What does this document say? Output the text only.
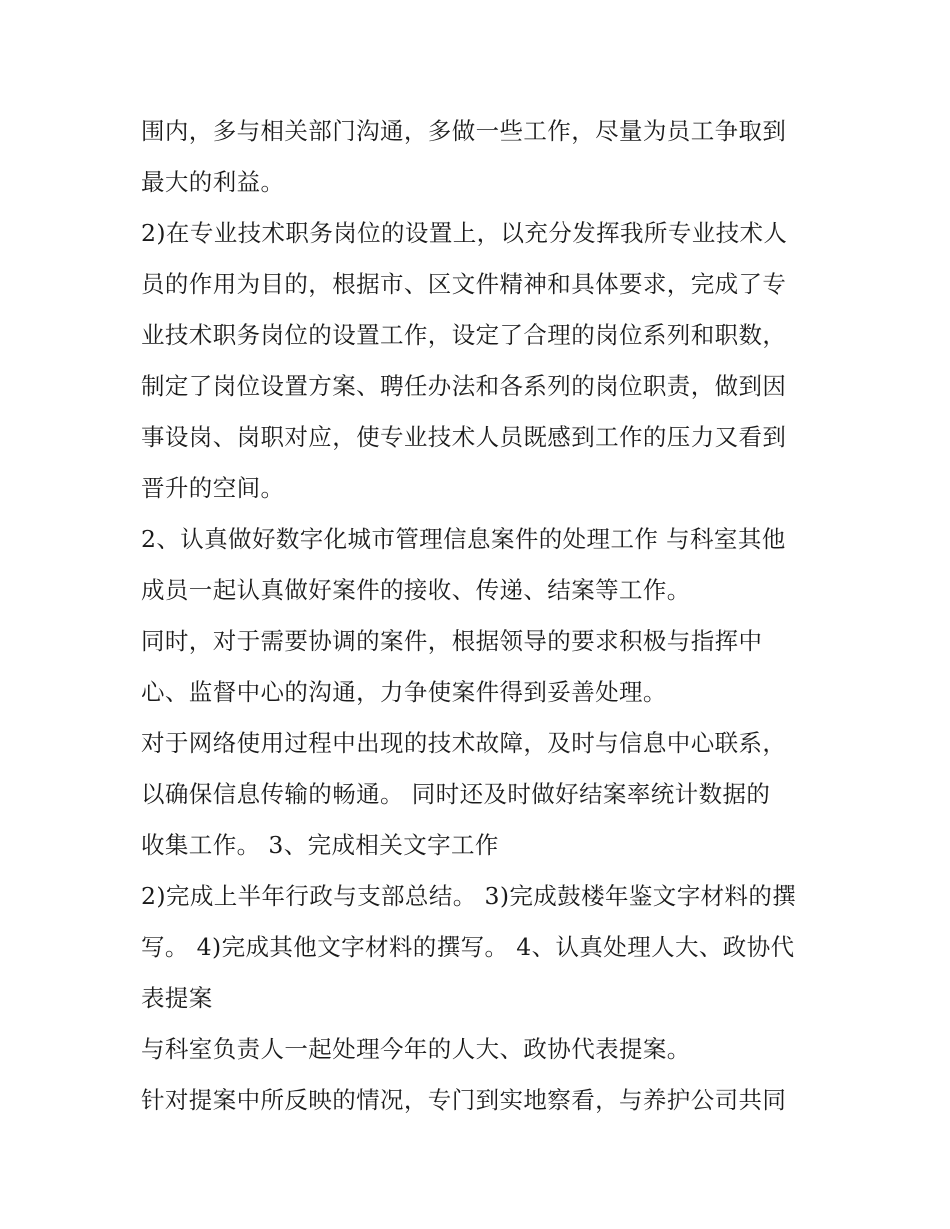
围内，多与相关部门沟通，多做一些工作，尽量为员工争取到
最大的利益。
2)在专业技术职务岗位的设置上，以充分发挥我所专业技术人
员的作用为目的，根据市、区文件精神和具体要求，完成了专
业技术职务岗位的设置工作，设定了合理的岗位系列和职数，
制定了岗位设置方案、聘任办法和各系列的岗位职责，做到因
事设岗、岗职对应，使专业技术人员既感到工作的压力又看到
晋升的空间。
2、认真做好数字化城市管理信息案件的处理工作 与科室其他
成员一起认真做好案件的接收、传递、结案等工作。
同时，对于需要协调的案件，根据领导的要求积极与指挥中
心、监督中心的沟通，力争使案件得到妥善处理。
对于网络使用过程中出现的技术故障，及时与信息中心联系，
以确保信息传输的畅通。 同时还及时做好结案率统计数据的
收集工作。 3、完成相关文字工作
2)完成上半年行政与支部总结。 3)完成鼓楼年鉴文字材料的撰
写。 4)完成其他文字材料的撰写。 4、认真处理人大、政协代
表提案
与科室负责人一起处理今年的人大、政协代表提案。
针对提案中所反映的情况，专门到实地察看，与养护公司共同
